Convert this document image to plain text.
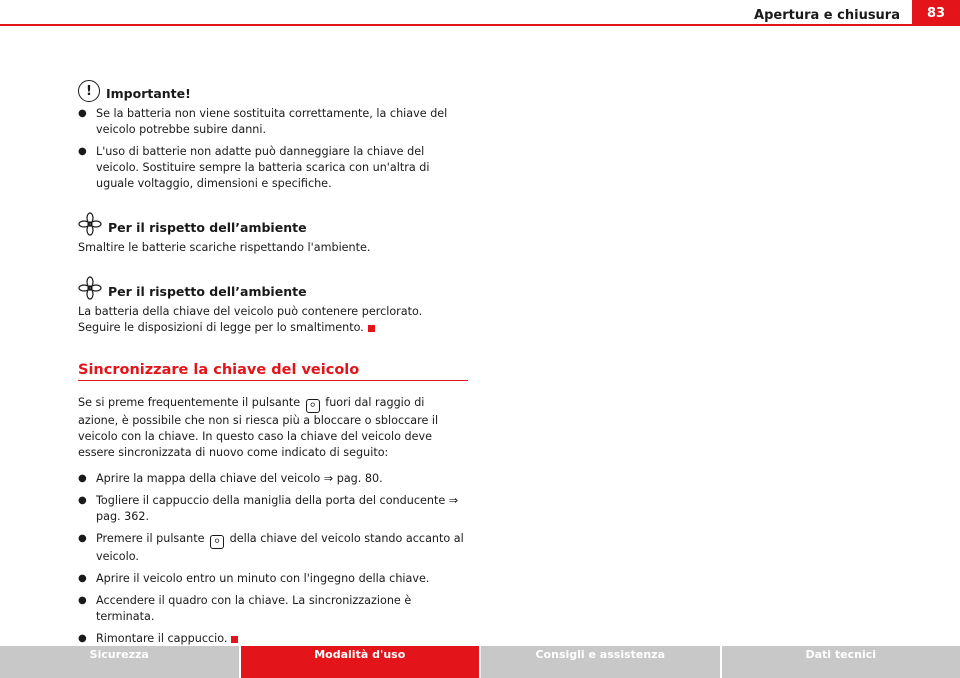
Apertura e chiusura	83
!	Importante!
● Se la batteria non viene sostituita correttamente, la chiave del veicolo potrebbe subire danni.
● L'uso di batterie non adatte può danneggiare la chiave del veicolo. Sostituire sempre la batteria scarica con un'altra di uguale voltaggio, dimensioni e specifiche.
Per il rispetto dell’ambiente
Smaltire le batterie scariche rispettando l'ambiente.
Per il rispetto dell’ambiente
La batteria della chiave del veicolo può contenere perclorato. Seguire le disposizioni di legge per lo smaltimento.
Sincronizzare la chiave del veicolo
Se si preme frequentemente il pulsante ⚪ fuori dal raggio di azione, è possibile che non si riesca più a bloccare o sbloccare il veicolo con la chiave. In questo caso la chiave del veicolo deve essere sincronizzata di nuovo come indicato di seguito:
● Aprire la mappa della chiave del veicolo ⇒ pag. 80.
● Togliere il cappuccio della maniglia della porta del conducente ⇒ pag. 362.
● Premere il pulsante ⚪ della chiave del veicolo stando accanto al veicolo.
● Aprire il veicolo entro un minuto con l'ingegno della chiave.
● Accendere il quadro con la chiave. La sincronizzazione è terminata.
● Rimontare il cappuccio.
Sicurezza	Modalità d'uso	Consigli e assistenza	Dati tecnici
